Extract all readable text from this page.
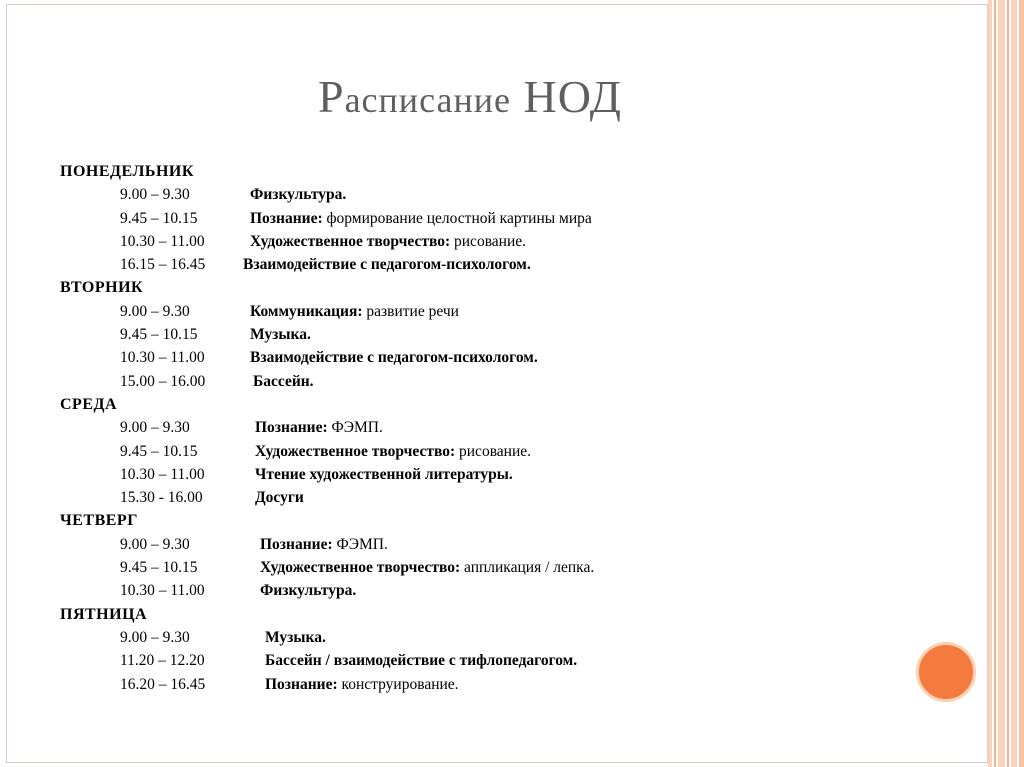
Расписание НОД
ПОНЕДЕЛЬНИК
9.00 – 9.30	Физкультура.
9.45 – 10.15	Познание: формирование целостной картины мира
10.30 – 11.00	Художественное творчество: рисование.
16.15 – 16.45 Взаимодействие с педагогом-психологом.
ВТОРНИК
9.00 – 9.30	Коммуникация: развитие речи
9.45 – 10.15	Музыка.
10.30 – 11.00	Взаимодействие с педагогом-психологом.
15.00 – 16.00	Бассейн.
СРЕДА
9.00 – 9.30	Познание: ФЭМП.
9.45 – 10.15	Художественное творчество: рисование.
10.30 – 11.00	Чтение художественной литературы.
15.30 - 16.00	Досуги
ЧЕТВЕРГ
9.00 – 9.30	Познание: ФЭМП.
9.45 – 10.15	Художественное творчество: аппликация / лепка.
10.30 – 11.00	Физкультура.
ПЯТНИЦА
9.00 – 9.30	Музыка.
11.20 – 12.20	Бассейн / взаимодействие с тифлопедагогом.
16.20 – 16.45	Познание: конструирование.
